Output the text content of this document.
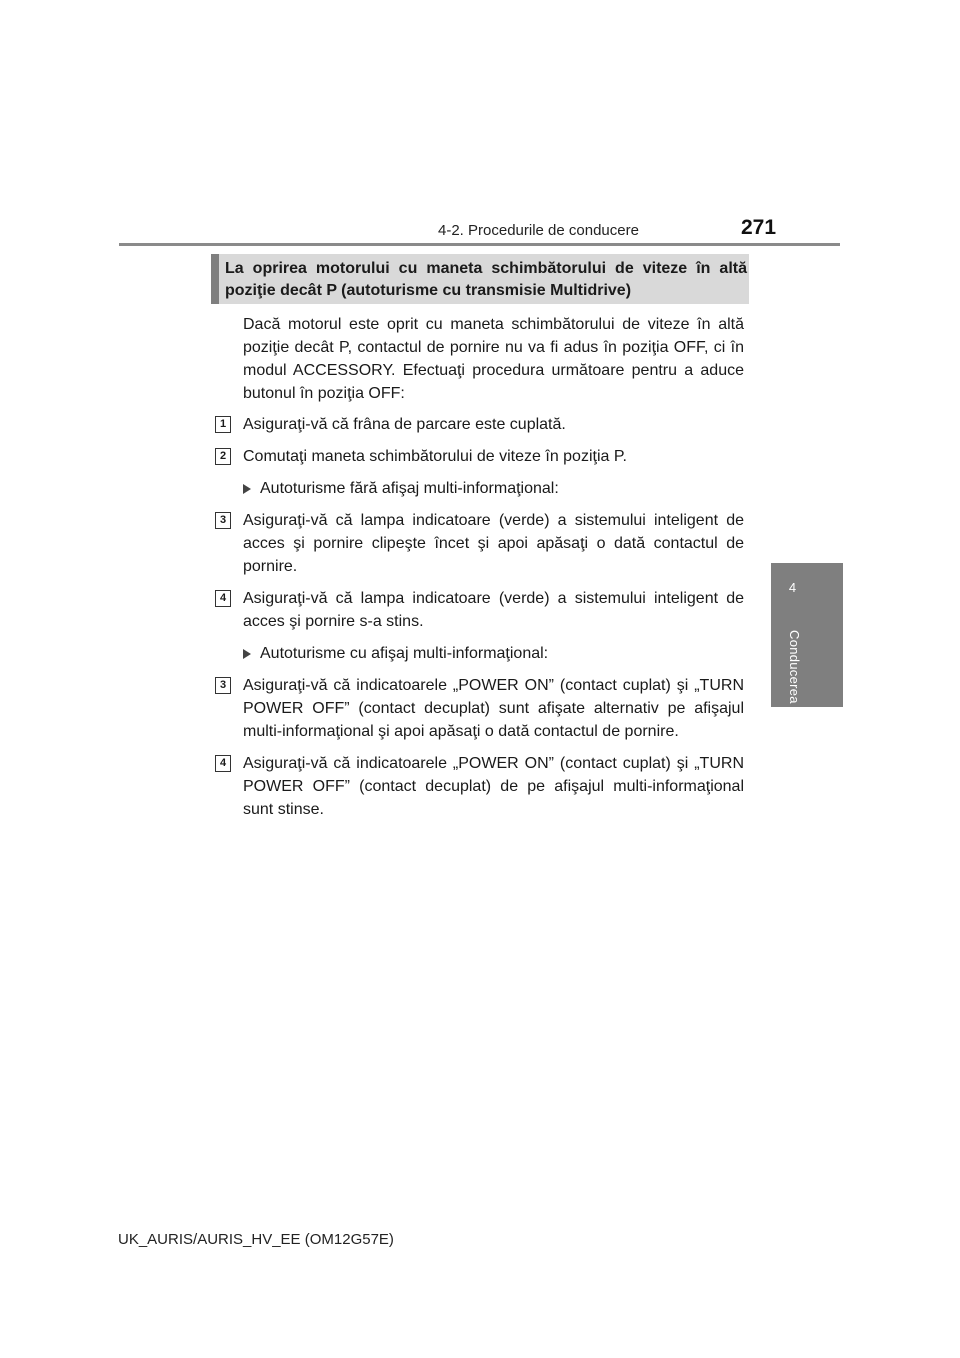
4-2. Procedurile de conducere	271
4
Conducerea
La oprirea motorului cu maneta schimbătorului de viteze în altă poziţie decât P (autoturisme cu transmisie Multidrive)
Dacă motorul este oprit cu maneta schimbătorului de viteze în altă poziţie decât P, contactul de pornire nu va fi adus în poziţia OFF, ci în modul ACCESSORY. Efectuaţi procedura următoare pentru a aduce butonul în poziţia OFF:
1	Asiguraţi-vă că frâna de parcare este cuplată.
2	Comutaţi maneta schimbătorului de viteze în poziţia P.
Autoturisme fără afişaj multi-informaţional:
3	Asiguraţi-vă că lampa indicatoare (verde) a sistemului inteligent de acces şi pornire clipeşte încet şi apoi apăsaţi o dată contactul de pornire.
4	Asiguraţi-vă că lampa indicatoare (verde) a sistemului inteligent de acces şi pornire s-a stins.
Autoturisme cu afişaj multi-informaţional:
3	Asiguraţi-vă că indicatoarele „POWER ON” (contact cuplat) şi „TURN POWER OFF” (contact decuplat) sunt afişate alternativ pe afişajul multi-informaţional şi apoi apăsaţi o dată contactul de pornire.
4	Asiguraţi-vă că indicatoarele „POWER ON” (contact cuplat) şi „TURN POWER OFF” (contact decuplat) de pe afişajul multi-informaţional sunt stinse.
UK_AURIS/AURIS_HV_EE (OM12G57E)
